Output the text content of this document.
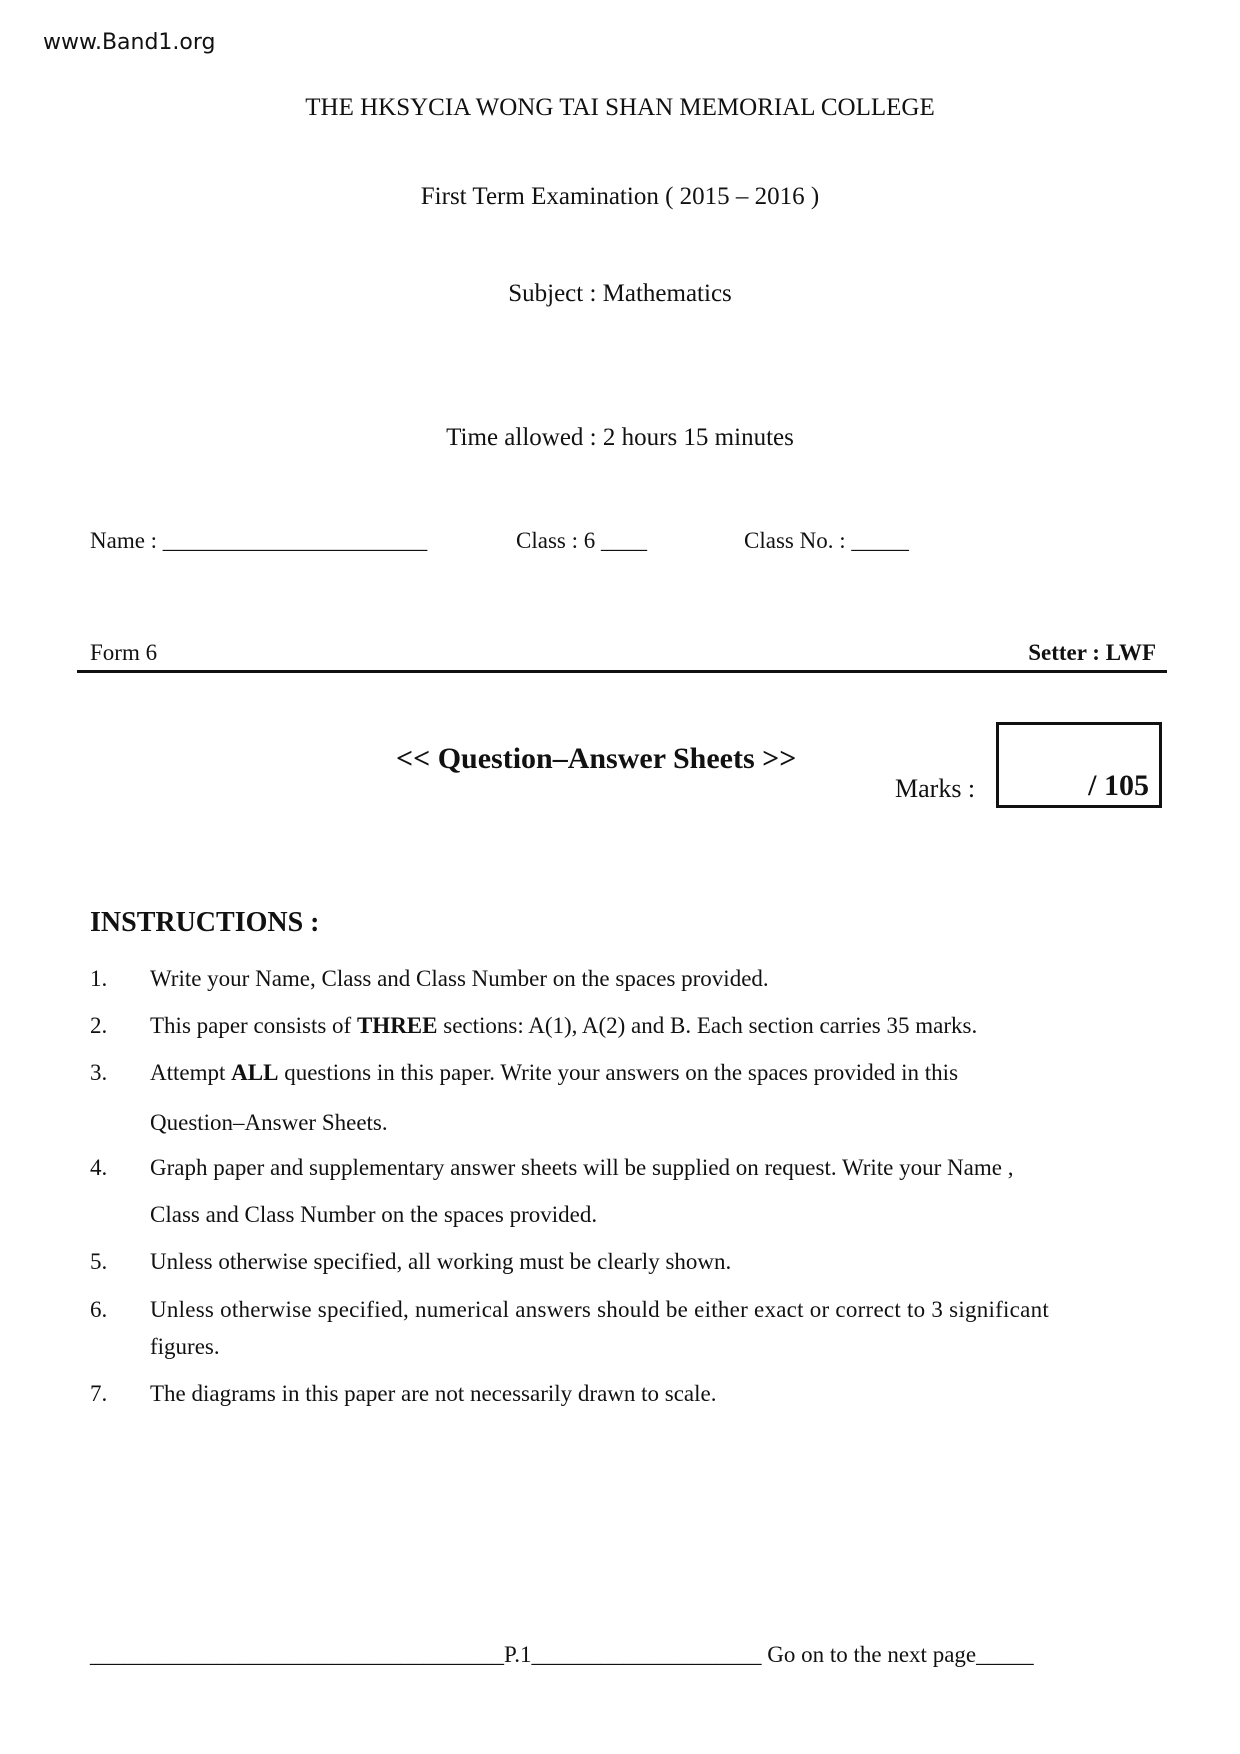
www.Band1.org
THE HKSYCIA WONG TAI SHAN MEMORIAL COLLEGE
First Term Examination ( 2015 – 2016 )
Subject : Mathematics
Time allowed : 2 hours 15 minutes
Name : _______________________	Class : 6 ____	Class No. : _____
Form 6	Setter : LWF
<< Question–Answer Sheets >>
Marks :	/ 105
INSTRUCTIONS :
1. Write your Name, Class and Class Number on the spaces provided.
2. This paper consists of THREE sections: A(1), A(2) and B. Each section carries 35 marks.
3. Attempt ALL questions in this paper. Write your answers on the spaces provided in this
Question–Answer Sheets.
4. Graph paper and supplementary answer sheets will be supplied on request. Write your Name ,
Class and Class Number on the spaces provided.
5. Unless otherwise specified, all working must be clearly shown.
6. Unless otherwise specified, numerical answers should be either exact or correct to 3 significant
figures.
7. The diagrams in this paper are not necessarily drawn to scale.
____________________________________P.1____________________ Go on to the next page_____
